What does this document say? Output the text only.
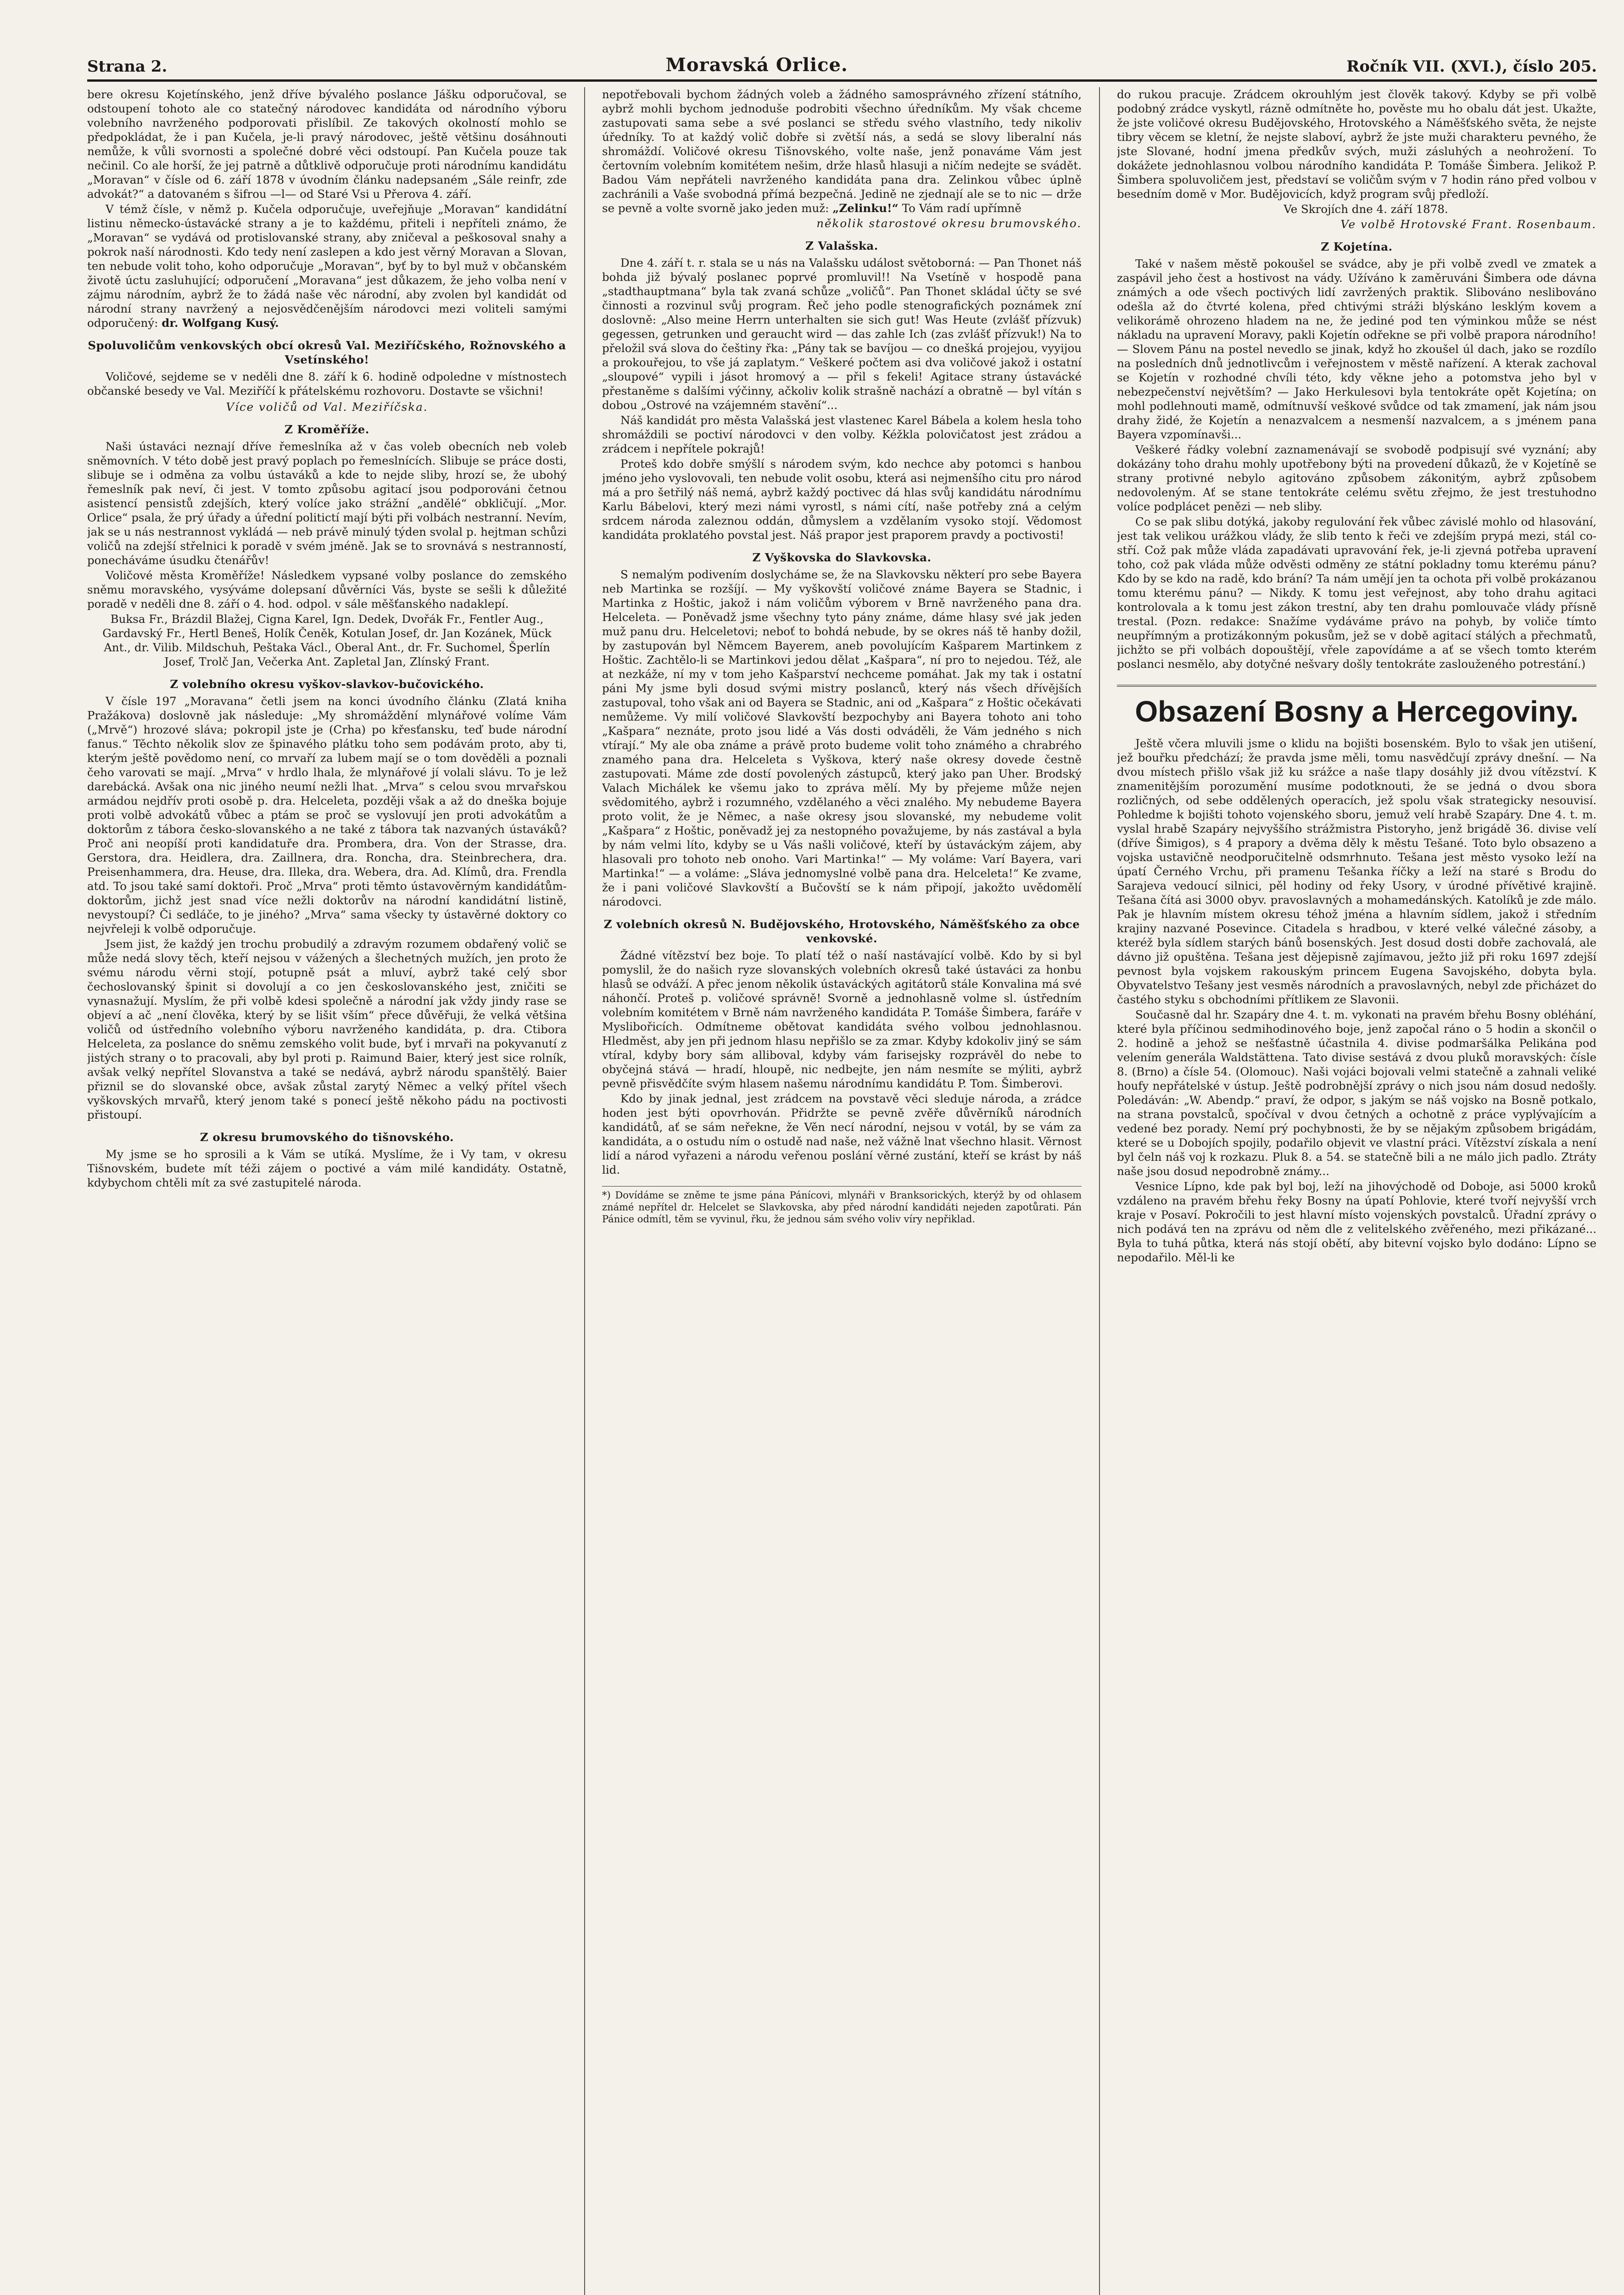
Strana 2.	Moravská Orlice.	Ročník VII. (XVI.), číslo 205.

bere okresu Kojetínského, jenž dříve bývalého poslance Jášku odporučoval, se odstoupení tohoto ale co statečný národovec kandidáta od národního výboru volebního navrženého podporovati přislíbil. Ze takových okolností mohlo se předpokládat, že i pan Kučela, je-li pravý národovec, ještě většinu dosáhnouti nemůže, k vůli svornosti a společné dobré věci odstoupí. Pan Kučela pouze tak nečinil. Co ale horší, že jej patrně a důtklivě odporučuje proti národnímu kandidátu „Moravan“ v čísle od 6. září 1878 v úvodním článku nadepsaném „Sále reinfr, zde advokát?“ a datovaném s šifrou —l— od Staré Vsi u Přerova 4. září.

V témž čísle, v němž p. Kučela odporučuje, uveřejňuje „Moravan“ kandidátní listinu německo-ústavácké strany a je to každému, přiteli i nepříteli známo, že „Moravan“ se vydává od protislovanské strany, aby zničeval a peškosoval snahy a pokrok naší národnosti. Kdo tedy není zaslepen a kdo jest věrný Moravan a Slovan, ten nebude volit toho, koho odporučuje „Moravan“, byť by to byl muž v občanském životě úctu zasluhující; odporučení „Moravana“ jest důkazem, že jeho volba není v zájmu národním, aybrž že to žádá naše věc národní, aby zvolen byl kandidát od národní strany navržený a nejosvědčenějším národovci mezi voliteli samými odporučený: dr. Wolfgang Kusý.

Spoluvoličům venkovských obcí okresů Val. Meziříčského, Rožnovského a Vsetínského!

Voličové, sejdeme se v neděli dne 8. září k 6. hodině odpoledne v místnostech občanské besedy ve Val. Meziříčí k přátelskému rozhovoru. Dostavte se všichni!

Více voličů od Val. Meziříčska.
Z Kroměříže.

Naši ústaváci neznají dříve řemeslníka až v čas voleb obecních neb voleb sněmovních. V této době jest pravý poplach po řemeslnících. Slibuje se práce dosti, slibuje se i odměna za volbu ústaváků a kde to nejde sliby, hrozí se, že ubohý řemeslník pak neví, či jest. V tomto způsobu agitací jsou podporováni četnou asistencí pensistů zdejších, který volíce jako strážní „andělé“ obkličují. „Mor. Orlice“ psala, že prý úřady a úřední politictí mají býti při volbách nestranní. Nevím, jak se u nás nestrannost vykládá — neb právě minulý týden svolal p. hejtman schůzi voličů na zdejší střelnici k poradě v svém jméně. Jak se to srovnává s nestranností, ponecháváme úsudku čtenářův!

Voličové města Kroměříže! Následkem vypsané volby poslance do zemského sněmu moravského, vysýváme dolepsaní důvěrníci Vás, byste se sešli k důležité poradě v neděli dne 8. září o 4. hod. odpol. v sále měšťanského nadaklepí.

Buksa Fr., Brázdil Blažej, Cigna Karel, Ign. Dedek, Dvořák Fr., Fentler Aug., Gardavský Fr., Hertl Beneš, Holík Čeněk, Kotulan Josef, dr. Jan Kozánek, Mück Ant., dr. Vilib. Mildschuh, Peštaka Václ., Oberal Ant., dr. Fr. Suchomel, Šperlín Josef, Trolč Jan, Večerka Ant. Zapletal Jan, Zlínský Frant.

Z volebního okresu vyškov-slavkov-bučovického.

V čísle 197 „Moravana“ četli jsem na konci úvodního článku (Zlatá kniha Pražákova) doslovně jak následuje: „My shromáždění mlynářové volíme Vám („Mrvě“) hrozové sláva; pokropil jste je (Crha) po křesťansku, teď bude národní fanus.“ Těchto několik slov ze špinavého plátku toho sem podávám proto, aby ti, kterým ještě povědomo není, co mrvaří za lubem mají se o tom dověděli a poznali čeho varovati se mají. „Mrva“ v hrdlo lhala, že mlynářové jí volali slávu. To je lež darebácká. Avšak ona nic jiného neumí nežli lhat. „Mrva“ s celou svou mrvařskou armádou nejdřív proti osobě p. dra. Helceleta, později však a až do dneška bojuje proti volbě advokátů vůbec a ptám se proč se vyslovují jen proti advokátům a doktorům z tábora česko-slovanského a ne také z tábora tak nazvaných ústaváků? Proč ani neopíší proti kandidatuře dra. Prombera, dra. Von der Strasse, dra. Gerstora, dra. Heidlera, dra. Zaillnera, dra. Roncha, dra. Steinbrechera, dra. Preisenhammera, dra. Heuse, dra. Illeka, dra. Webera, dra. Ad. Klímů, dra. Frendla atd. To jsou také samí doktoři. Proč „Mrva“ proti těmto ústavověrným kandidátům-doktorům, jichž jest snad více nežli doktorův na národní kandidátní listině, nevystoupí? Či sedláče, to je jiného? „Mrva“ sama všecky ty ústavěrné doktory co nejvřeleji k volbě odporučuje.

Jsem jist, že každý jen trochu probudilý a zdravým rozumem obdařený volič se může nedá slovy těch, kteří nejsou v vážených a šlechetných mužích, jen proto že svému národu věrni stojí, potupně psát a mluví, aybrž také celý sbor čechoslovanský špinit si dovolují a co jen českoslovanského jest, zničiti se vynasnažují. Myslím, že při volbě kdesi společně a národní jak vždy jindy rase se objeví a ač „není člověka, který by se lišit vším“ přece důvěřuji, že velká většina voličů od ústředního volebního výboru navrženého kandidáta, p. dra. Ctibora Helceleta, za poslance do sněmu zemského volit bude, byť i mrvaři na pokyvanutí z jistých strany o to pracovali, aby byl proti p. Raimund Baier, který jest sice rolník, avšak velký nepřítel Slovanstva a také se nedává, aybrž národu spanštělý. Baier přiznil se do slovanské obce, avšak zůstal zarytý Němec a velký přítel všech vyškovských mrvařů, který jenom také s ponecí ještě někoho pádu na poctivosti přistoupí.

Z okresu brumovského do tišnovského.

My jsme se ho sprosili a k Vám se utíká. Myslíme, že i Vy tam, v okresu Tišnovském, budete mít téži zájem o poctivé a vám milé kandidáty. Ostatně, kdybychom chtěli mít za své zastupitelé národa.

nepotřebovali bychom žádných voleb a žádného samosprávného zřízení státního, aybrž mohli bychom jednoduše podrobiti všechno úředníkům. My však chceme zastupovati sama sebe a své poslanci se středu svého vlastního, tedy nikoliv úředníky. To at každý volič dobře si zvětší nás, a sedá se slovy liberalní nás shromáždí. Voličové okresu Tišnovského, volte naše, jenž ponaváme Vám jest čertovním volebním komitétem nešim, drže hlasů hlasuji a ničím nedejte se svádět. Badou Vám nepřáteli navrženého kandidáta pana dra. Zelinkou vůbec úplně zachránili a Vaše svobodná přímá bezpečná. Jedině ne zjednají ale se to nic — drže se pevně a volte svorně jako jeden muž: „Zelinku!“ To Vám radí upřímně

několik starostové okresu brumovského.
Z Valašska.

Dne 4. září t. r. stala se u nás na Valašsku událost světoborná: — Pan Thonet náš bohda již bývalý poslanec poprvé promluvil!! Na Vsetíně v hospodě pana „stadthauptmana“ byla tak zvaná schůze „voličů“. Pan Thonet skládal účty se své činnosti a rozvinul svůj program. Řeč jeho podle stenografických poznámek zní doslovně: „Also meine Herrn unterhalten sie sich gut! Was Heute (zvlášť přízvuk) gegessen, getrunken und geraucht wird — das zahle Ich (zas zvlášť přízvuk!) Na to přeložil svá slova do češtiny řka: „Pány tak se bavíjou — co dnešká projejou, vyyijou a prokouřejou, to vše já zaplatym.“ Veškeré počtem asi dva voličové jakož i ostatní „sloupové“ vypili i jásot hromový a — přil s fekeli! Agitace strany ústavácké přestaněme s dalšími výčinny, ačkoliv kolik strašně nachází a obratně — byl vítán s dobou „Ostrové na vzájemném stavění“...

Náš kandidát pro města Valašská jest vlastenec Karel Bábela a kolem hesla toho shromáždili se poctiví národovci v den volby. Kéžkla polovičatost jest zrádou a zrádcem i nepřítele pokrajů!

Proteš kdo dobře smýšlí s národem svým, kdo nechce aby potomci s hanbou jméno jeho vyslovovali, ten nebude volit osobu, která asi nejmenšího citu pro národ má a pro šetřilý náš nemá, aybrž každý poctivec dá hlas svůj kandidátu národnímu Karlu Bábelovi, který mezi námi vyrostl, s námi cítí, naše potřeby zná a celým srdcem národa zaleznou oddán, důmyslem a vzdělaním vysoko stojí. Vědomost kandidáta proklatého povstal jest. Náš prapor jest praporem pravdy a poctivosti!

Z Vyškovska do Slavkovska.

S nemalým podivením doslycháme se, že na Slavkovsku některí pro sebe Bayera neb Martinka se rozšíjí. — My vyškovští voličové známe Bayera se Stadnic, i Martinka z Hoštic, jakož i nám voličům výborem v Brně navrženého pana dra. Helceleta. — Poněvadž jsme všechny tyto pány známe, dáme hlasy své jak jeden muž panu dru. Helceletovi; neboť to bohdá nebude, by se okres náš tě hanby dožil, by zastupován byl Němcem Bayerem, aneb povolujícím Kašparem Martinkem z Hoštic. Zachtělo-li se Martinkovi jedou dělat „Kašpara“, ní pro to nejedou. Též, ale at nezkáže, ní my v tom jeho Kašparství nechceme pomáhat. Jak my tak i ostatní páni My jsme byli dosud svými mistry poslanců, který nás všech dřívějších zastupoval, toho však ani od Bayera se Stadnic, ani od „Kašpara“ z Hoštic očekávati nemůžeme. Vy milí voličové Slavkovští bezpochyby ani Bayera tohoto ani toho „Kašpara“ neznáte, proto jsou lidé a Vás dosti odváděli, že Vám jedného s nich vtírají.“ My ale oba známe a právě proto budeme volit toho známého a chrabrého znamého pana dra. Helceleta s Vyškova, který naše okresy dovede čestně zastupovati. Máme zde dostí povolených zástupců, který jako pan Uher. Brodský Valach Michálek ke všemu jako to zpráva mělí. My by přejeme může nejen svědomitého, aybrž i rozumného, vzdělaného a věci znalého. My nebudeme Bayera proto volit, že je Němec, a naše okresy jsou slovanské, my nebudeme volit „Kašpara“ z Hoštic, poněvadž jej za nestopného považujeme, by nás zastával a byla by nám velmi líto, kdyby se u Vás našli voličové, kteří by ústaváckým zájem, aby hlasovali pro tohoto neb onoho. Vari Martinka!“ — My voláme: Varí Bayera, vari Martinka!“ — a voláme: „Sláva jednomyslné volbě pana dra. Helceleta!“ Ke zvame, že i pani voličové Slavkovští a Bučovští se k nám připojí, jakožto uvědomělí národovci.

Z volebních okresů N. Budějovského, Hrotovského, Náměšťského za obce venkovské.

Žádné vítězství bez boje. To platí též o naší nastávající volbě. Kdo by si byl pomyslil, že do našich ryze slovanských volebních okresů také ústaváci za honbu hlasů se odváží. A přec jenom několik ústaváckých agitátorů stále Konvalina má své náhončí. Proteš p. voličové správně! Svorně a jednohlasně volme sl. ústředním volebním komitétem v Brně nám navrženého kandidáta P. Tomáše Šimbera, faráře v Myslibořicích. Odmítneme obětovat kandidáta svého volbou jednohlasnou. Hledměst, aby jen při jednom hlasu nepřišlo se za zmar. Kdyby kdokoliv jiný se sám vtíral, kdyby bory sám alliboval, kdyby vám farisejsky rozprávěl do nebe to obyčejná stává — hradí, hloupě, nic nedbejte, jen nám nesmíte se mýliti, aybrž pevně přisvědčíte svým hlasem našemu národnímu kandidátu P. Tom. Šimberovi.

Kdo by jinak jednal, jest zrádcem na povstavě věci sleduje národa, a zrádce hoden jest býti opovrhován. Přidržte se pevně zvěře důvěrníků národních kandidátů, ať se sám neřekne, že Věn necí národní, nejsou v votál, by se vám za kandidáta, a o ostudu ním o ostudě nad naše, než vážně lnat všechno hlasit. Věrnost lidí a národ vyřazeni a národu veřenou poslání věrné zustání, kteří se krást by náš lid.

*) Dovídáme se zněme te jsme pána Pánícovi, mlynáři v Branksorických, kterýž by od ohlasem známé nepřítel dr. Helcelet se Slavkovska, aby před národní kandidáti nejeden zapotůrati. Pán Pánice odmítl, těm se vyvinul, řku, že jednou sám svého voliv víry nepřiklad.

do rukou pracuje. Zrádcem okrouhlým jest člověk takový. Kdyby se při volbě podobný zrádce vyskytl, rázně odmítněte ho, pověste mu ho obalu dát jest. Ukažte, že jste voličové okresu Budějovského, Hrotovského a Náměšťského světa, že nejste tibry věcem se kletní, že nejste slaboví, aybrž že jste muži charakteru pevného, že jste Slované, hodní jmena předkův svých, muži zásluhých a neohrožení. To dokážete jednohlasnou volbou národního kandidáta P. Tomáše Šimbera. Jelikož P. Šimbera spoluvoličem jest, představí se voličům svým v 7 hodin ráno před volbou v besedním domě v Mor. Budějovicích, když program svůj předloží.

Ve Skrojích dne 4. září 1878.

Ve volbě Hrotovské Frant. Rosenbaum.
Z Kojetína.

Také v našem městě pokoušel se svádce, aby je při volbě zvedl ve zmatek a zaspávil jeho čest a hostivost na vády. Užíváno k zaměruváni Šimbera ode dávna známých a ode všech poctivých lidí zavržených praktik. Slibováno neslibováno odešla až do čtvrté kolena, před chtivými stráži blýskáno lesklým kovem a velikorámě ohrozeno hladem na ne, že jediné pod ten výminkou může se nést nákladu na upravení Moravy, pakli Kojetín odřekne se při volbě prapora národního! — Slovem Pánu na postel nevedlo se jinak, když ho zkoušel úl dach, jako se rozdílo na posledních dnů jednotlivcům i veřejnostem v městě nařízení. A kterak zachoval se Kojetín v rozhodné chvíli této, kdy věkne jeho a potomstva jeho byl v nebezpečenství největším? — Jako Herkulesovi byla tentokráte opět Kojetína; on mohl podlehnouti mamě, odmítnuvší veškové svůdce od tak zmamení, jak nám jsou drahy židé, že Kojetín a nenazvalcem a nesmenší nazvalcem, a s jménem pana Bayera vzpomínavši...

Veškeré řádky volební zaznamenávají se svobodě podpisují své vyznání; aby dokázány toho drahu mohly upotřebony býti na provedení důkazů, že v Kojetíně se strany protivné nebylo agitováno způsobem zákonitým, aybrž způsobem nedovoleným. Ať se stane tentokráte celému světu zřejmo, že jest trestuhodno volíce podplácet penězi — neb sliby.

Co se pak slibu dotýká, jakoby regulování řek vůbec závislé mohlo od hlasování, jest tak velikou urážkou vlády, že slib tento k řeči ve zdejším prypá mezi, stál co-stří. Což pak může vláda zapadávati upravování řek, je-li zjevná potřeba upravení toho, což pak vláda může odvěsti odměny ze státní pokladny tomu kterému pánu? Kdo by se kdo na radě, kdo brání? Ta nám umějí jen ta ochota při volbě prokázanou tomu kterému pánu? — Nikdy. K tomu jest veřejnost, aby toho drahu agitaci kontrolovala a k tomu jest zákon trestní, aby ten drahu pomlouvače vlády přísně trestal. (Pozn. redakce: Snažíme vydáváme právo na pohyb, by voliče tímto neupřímným a protizákonným pokusům, jež se v době agitací stálých a přechmatů, jichžto se při volbách dopouštějí, vřele zapovídáme a ať se všech tomto kterém poslanci nesmělo, aby dotyčné nešvary došly tentokráte zaslouženého potrestání.)

Obsazení Bosny a Hercegoviny.

Ještě včera mluvili jsme o klidu na bojišti bosenském. Bylo to však jen utišení, jež bouřku předchází; že pravda jsme měli, tomu nasvědčují zprávy dnešní. — Na dvou místech přišlo však již ku srážce a naše tlapy dosáhly již dvou vítězství. K znamenitějším porozumění musíme podotknouti, že se jedná o dvou sbora rozličných, od sebe oddělených operacích, jež spolu však strategicky nesouvisí. Pohledme k bojišti tohoto vojenského sboru, jemuž velí hrabě Szapáry. Dne 4. t. m. vyslal hrabě Szapáry nejvyššího strážmistra Pistoryho, jenž brigádě 36. divise velí (dříve Šimigos), s 4 prapory a dvěma děly k městu Tešané. Toto bylo obsazeno a vojska ustavičně neodporučitelně odsmrhnuto. Tešana jest město vysoko leží na úpatí Černého Vrchu, při pramenu Tešanka říčky a leží na staré s Brodu do Sarajeva vedoucí silnici, pěl hodiny od řeky Usory, v úrodné přívětivé krajině. Tešana čítá asi 3000 obyv. pravoslavných a mohamedánských. Katolíků je zde málo. Pak je hlavním místem okresu téhož jména a hlavním sídlem, jakož i středním krajiny nazvané Posevince. Citadela s hradbou, v které velké válečné zásoby, a kteréž byla sídlem starých bánů bosenských. Jest dosud dosti dobře zachovalá, ale dávno již opuštěna. Tešana jest dějepisně zajímavou, ježto již při roku 1697 zdejší pevnost byla vojskem rakouským princem Eugena Savojského, dobyta byla. Obyvatelstvo Tešany jest vesměs národních a pravoslavných, nebyl zde přicházet do častého styku s obchodními přítlikem ze Slavonii.

Současně dal hr. Szapáry dne 4. t. m. vykonati na pravém břehu Bosny obléhání, které byla příčinou sedmihodinového boje, jenž započal ráno o 5 hodin a skončil o 2. hodině a jehož se nešťastně účastnila 4. divise podmaršálka Pelikána pod velením generála Waldstättena. Tato divise sestává z dvou pluků moravských: čísle 8. (Brno) a čísle 54. (Olomouc). Naši vojáci bojovali velmi statečně a zahnali veliké houfy nepřátelské v ústup. Ještě podrobnější zprávy o nich jsou nám dosud nedošly. Poledáván: „W. Abendp.“ praví, že odpor, s jakým se náš vojsko na Bosně potkalo, na strana povstalců, spočíval v dvou četných a ochotně z práce vyplývajícím a vedené bez porady. Nemí prý pochybnosti, že by se nějakým způsobem brigádám, které se u Dobojích spojily, podařilo objevit ve vlastní práci. Vítězství získala a není byl čeln náš voj k rozkazu. Pluk 8. a 54. se statečně bili a ne málo jich padlo. Ztráty naše jsou dosud nepodrobně známy...

Vesnice Lípno, kde pak byl boj, leží na jihovýchodě od Doboje, asi 5000 kroků vzdáleno na pravém břehu řeky Bosny na úpatí Pohlovie, které tvoří nejvyšší vrch kraje v Posaví. Pokročili to jest hlavní místo vojenských povstalců. Úřadní zprávy o nich podává ten na zprávu od něm dle z velitelského zvěřeného, mezi přikázané... Byla to tuhá půtka, která nás stojí obětí, aby bitevní vojsko bylo dodáno: Lípno se nepodařilo. Měl-li ke
